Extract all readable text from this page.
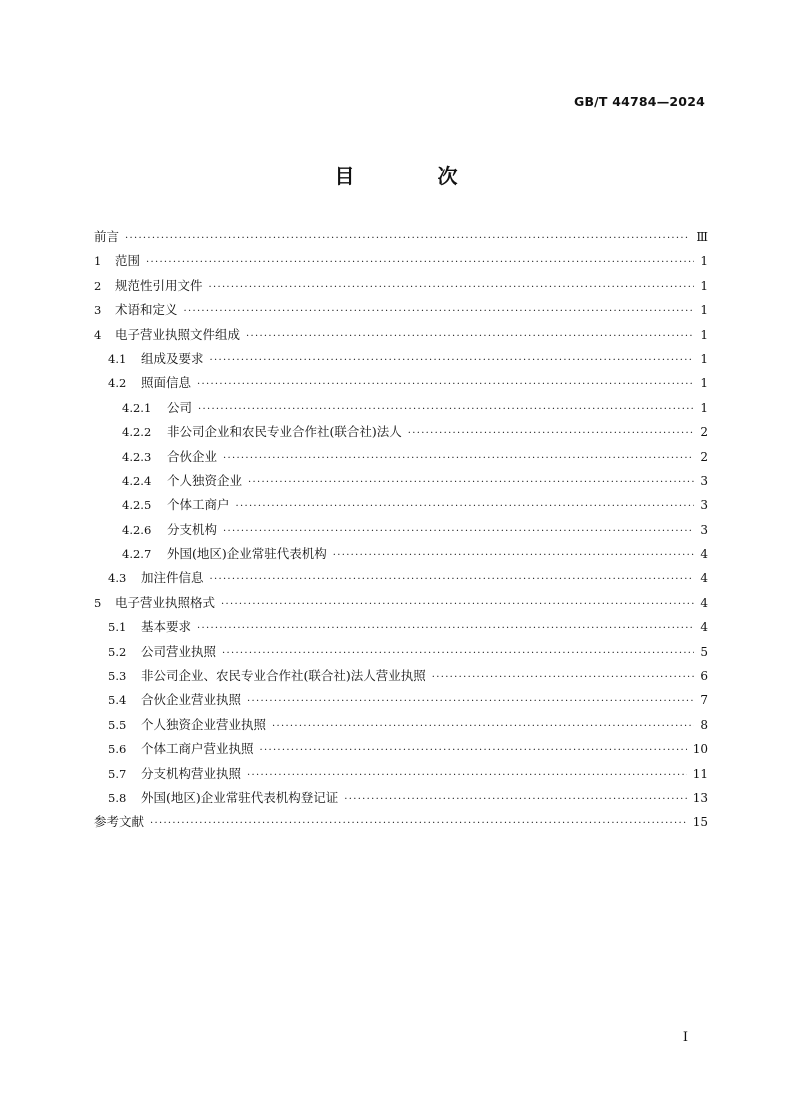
GB/T 44784—2024
目 次
前言 ·····	Ⅲ
1	范围 ·····	1
2	规范性引用文件 ·····	1
3	术语和定义 ·····	1
4	电子营业执照文件组成 ·····	1
4.1	组成及要求 ·····	1
4.2	照面信息 ·····	1
4.2.1	公司 ·····	1
4.2.2	非公司企业和农民专业合作社(联合社)法人 ·····	2
4.2.3	合伙企业 ·····	2
4.2.4	个人独资企业 ·····	3
4.2.5	个体工商户 ·····	3
4.2.6	分支机构 ·····	3
4.2.7	外国(地区)企业常驻代表机构 ·····	4
4.3	加注件信息 ·····	4
5	电子营业执照格式 ·····	4
5.1	基本要求 ·····	4
5.2	公司营业执照 ·····	5
5.3	非公司企业、农民专业合作社(联合社)法人营业执照 ·····	6
5.4	合伙企业营业执照 ·····	7
5.5	个人独资企业营业执照 ·····	8
5.6	个体工商户营业执照 ·····	10
5.7	分支机构营业执照 ·····	11
5.8	外国(地区)企业常驻代表机构登记证 ·····	13
参考文献 ·····	15
I
